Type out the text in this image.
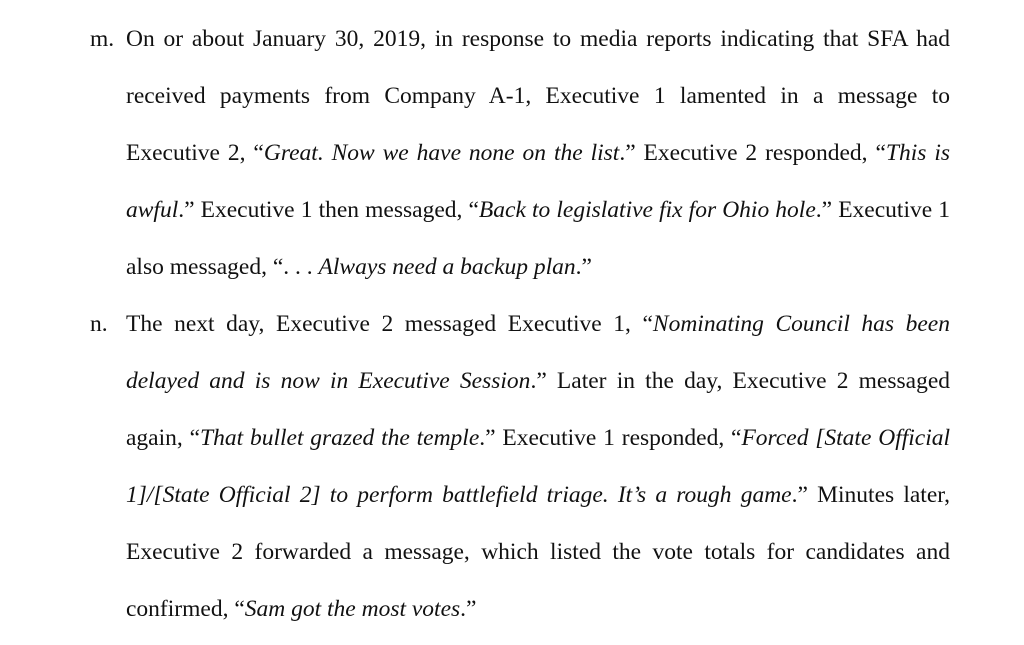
m. On or about January 30, 2019, in response to media reports indicating that SFA had received payments from Company A-1, Executive 1 lamented in a message to Executive 2, “Great. Now we have none on the list.” Executive 2 responded, “This is awful.” Executive 1 then messaged, “Back to legislative fix for Ohio hole.” Executive 1 also messaged, “. . . Always need a backup plan.”
n. The next day, Executive 2 messaged Executive 1, “Nominating Council has been delayed and is now in Executive Session.” Later in the day, Executive 2 messaged again, “That bullet grazed the temple.” Executive 1 responded, “Forced [State Official 1]/[State Official 2] to perform battlefield triage. It’s a rough game.” Minutes later, Executive 2 forwarded a message, which listed the vote totals for candidates and confirmed, “Sam got the most votes.”
